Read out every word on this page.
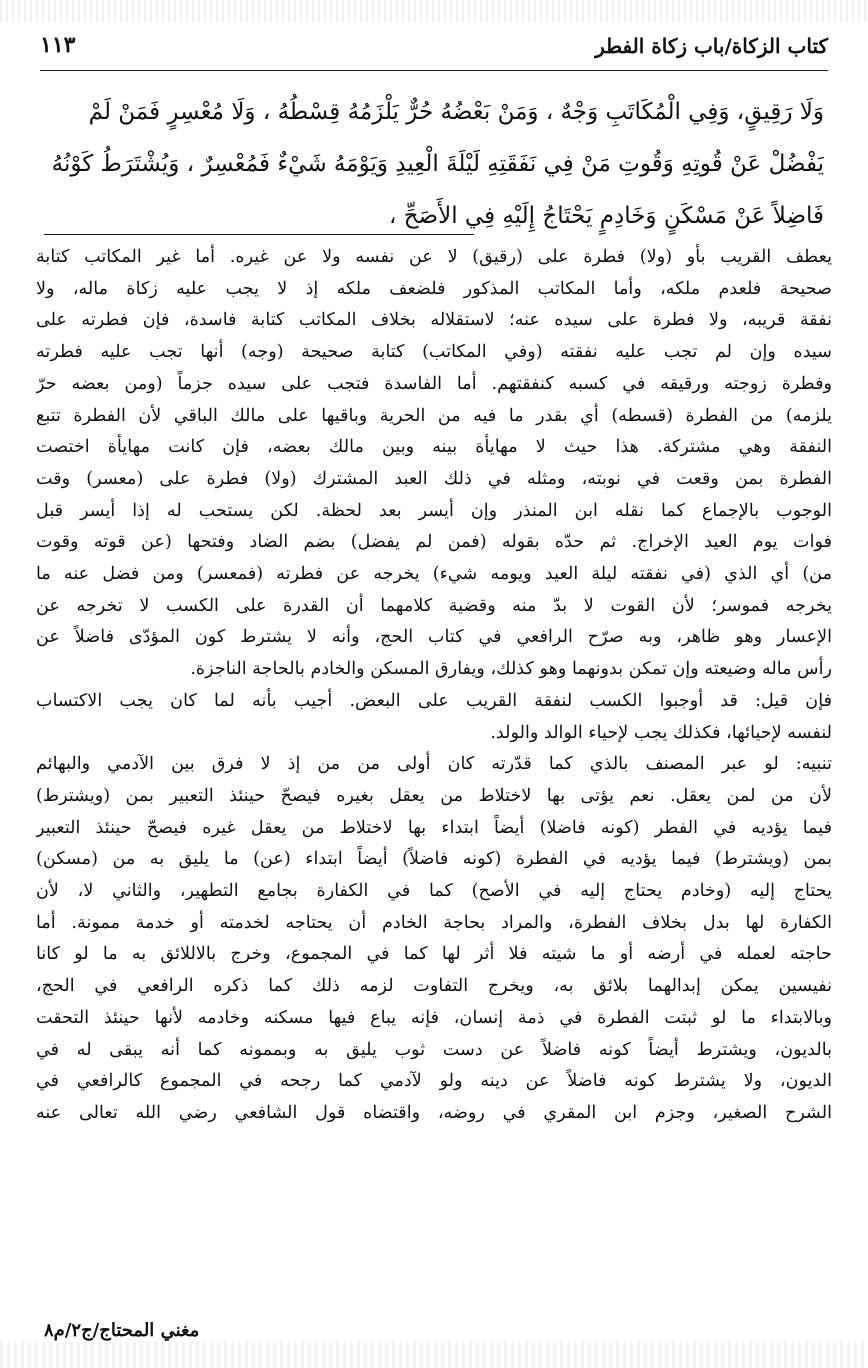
كتاب الزكاة/باب زكاة الفطر
١١٣
وَلَا رَقِيقٍ، وَفِي الْمُكَاتَبِ وَجْهٌ ، وَمَنْ بَعْضُهُ حُرٌّ يَلْزَمُهُ قِسْطُهُ ، وَلَا مُعْسِرٍ فَمَنْ لَمْ
يَفْضُلْ عَنْ قُوتِهِ وَقُوتِ مَنْ فِي نَفَقَتِهِ لَيْلَةَ الْعِيدِ وَيَوْمَهُ شَيْءٌ فَمُعْسِرٌ ، وَيُشْتَرَطُ كَوْنُهُ
فَاضِلاً عَنْ مَسْكَنٍ وَخَادِمٍ يَحْتَاجُ إِلَيْهِ فِي الأَصَحِّ ،
يعطف القريب بأو (ولا) فطرة على (رقيق) لا عن نفسه ولا عن غيره. أما غير المكاتب كتابة
صحيحة فلعدم ملكه، وأما المكاتب المذكور فلضعف ملكه إذ لا يجب عليه زكاة ماله، ولا
نفقة قريبه، ولا فطرة على سيده عنه؛ لاستقلاله بخلاف المكاتب كتابة فاسدة، فإن فطرته على
سيده وإن لم تجب عليه نفقته (وفي المكاتب) كتابة صحيحة (وجه) أنها تجب عليه فطرته
وفطرة زوجته ورقيقه في كسبه كنفقتهم. أما الفاسدة فتجب على سيده جزماً (ومن بعضه حرّ
يلزمه) من الفطرة (قسطه) أي بقدر ما فيه من الحرية وباقيها على مالك الباقي لأن الفطرة تتبع
النفقة وهي مشتركة. هذا حيث لا مهايأة بينه وبين مالك بعضه، فإن كانت مهايأة اختصت
الفطرة بمن وقعت في نوبته، ومثله في ذلك العبد المشترك (ولا) فطرة على (معسر) وقت
الوجوب بالإجماع كما نقله ابن المنذر وإن أيسر بعد لحظة. لكن يستحب له إذا أيسر قبل
فوات يوم العيد الإخراج. ثم حدّه بقوله (فمن لم يفضل) بضم الضاد وفتحها (عن قوته وقوت
من) أي الذي (في نفقته ليلة العيد ويومه شيء) يخرجه عن فطرته (فمعسر) ومن فضل عنه ما
يخرجه فموسر؛ لأن القوت لا بدّ منه وقضية كلامهما أن القدرة على الكسب لا تخرجه عن
الإعسار وهو ظاهر، وبه صرّح الرافعي في كتاب الحج، وأنه لا يشترط كون المؤدّى فاضلاً عن
رأس ماله وضيعته وإن تمكن بدونهما وهو كذلك، ويفارق المسكن والخادم بالحاجة الناجزة.
فإن قيل: قد أوجبوا الكسب لنفقة القريب على البعض. أجيب بأنه لما كان يجب الاكتساب
لنفسه لإحيائها، فكذلك يجب لإحياء الوالد والولد.
تنبيه: لو عبر المصنف بالذي كما قدّرته كان أولى من من إذ لا فرق بين الآدمي والبهائم
لأن من لمن يعقل. نعم يؤتى بها لاختلاط من يعقل بغيره فيصحّ حينئذ التعبير بمن (ويشترط)
فيما يؤديه في الفطر (كونه فاضلا) أيضاً ابتداء بها لاختلاط من يعقل غيره فيصحّ حينئذ التعبير
بمن (ويشترط) فيما يؤديه في الفطرة (كونه فاضلاً) أيضاً ابتداء (عن) ما يليق به من (مسكن)
يحتاج إليه (وخادم يحتاج إليه في الأصح) كما في الكفارة بجامع التطهير، والثاني لا، لأن
الكفارة لها بدل بخلاف الفطرة، والمراد بحاجة الخادم أن يحتاجه لخدمته أو خدمة ممونة. أما
حاجته لعمله في أرضه أو ما شيته فلا أثر لها كما في المجموع، وخرج بالاللائق به ما لو كانا
نفيسين يمكن إبدالهما بلائق به، ويخرج التفاوت لزمه ذلك كما ذكره الرافعي في الحج،
وبالابتداء ما لو ثبتت الفطرة في ذمة إنسان، فإنه يباع فيها مسكنه وخادمه لأنها حينئذ التحقت
بالديون، ويشترط أيضاً كونه فاضلاً عن دست ثوب يليق به وبممونه كما أنه يبقى له في
الديون، ولا يشترط كونه فاضلاً عن دينه ولو لآدمي كما رجحه في المجموع كالرافعي في
الشرح الصغير، وجزم ابن المقري في روضه، واقتضاه قول الشافعي رضي الله تعالى عنه
مغني المحتاج/ج٢/م٨
